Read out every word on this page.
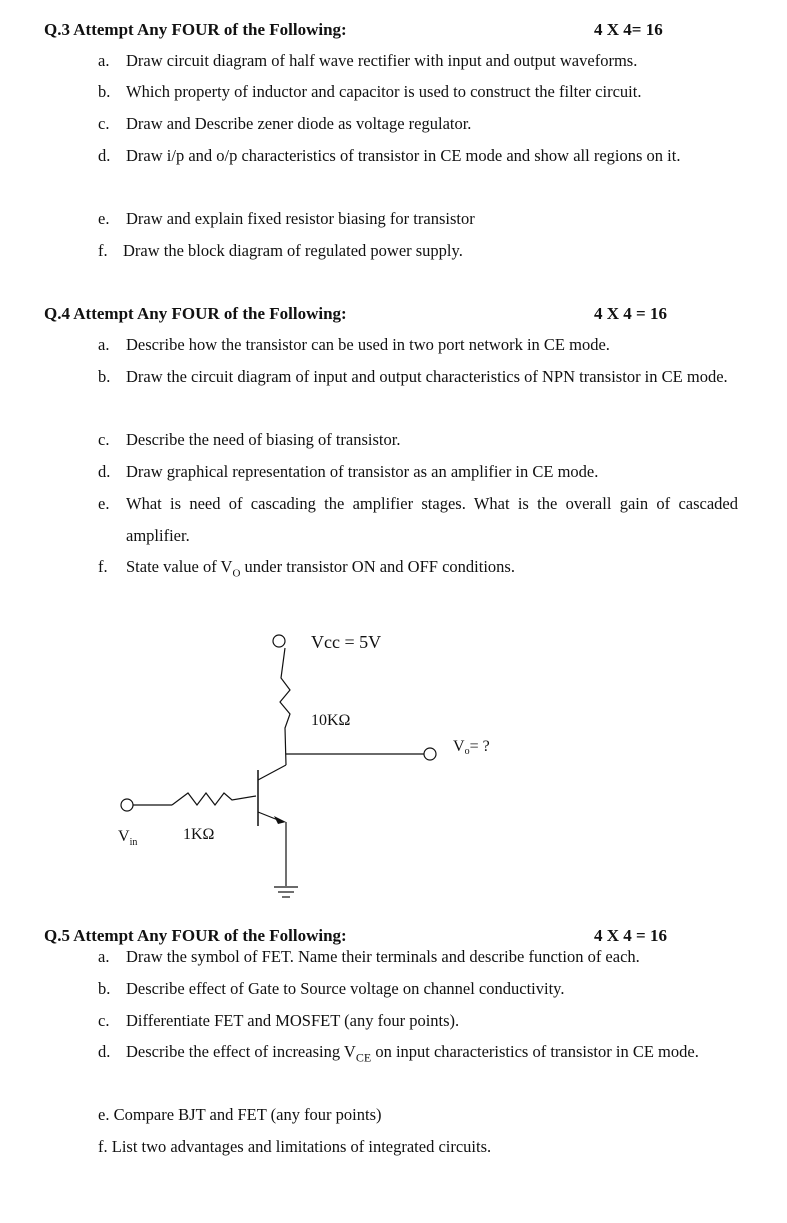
Q.3 Attempt Any FOUR of the Following:	4 X 4= 16
a. Draw circuit diagram of half wave rectifier with input and output waveforms.
b. Which property of inductor and capacitor is used to construct the filter circuit.
c. Draw and Describe zener diode as voltage regulator.
d. Draw i/p and o/p characteristics of transistor in CE mode and show all regions on it.
e. Draw and explain fixed resistor biasing for transistor
f. Draw the block diagram of regulated power supply.
Q.4 Attempt Any FOUR of the Following:	4 X 4 = 16
a. Describe how the transistor can be used in two port network in CE mode.
b. Draw the circuit diagram of input and output characteristics of NPN transistor in CE mode.
c. Describe the need of biasing of transistor.
d. Draw graphical representation of transistor as an amplifier in CE mode.
e. What is need of cascading the amplifier stages. What is the overall gain of cascaded amplifier.
f. State value of $V_O$ under transistor ON and OFF conditions.
Vcc = 5V
10KΩ
Vo= ?
$V_{in}$	1KΩ
Q.5 Attempt Any FOUR of the Following:	4 X 4 = 16
a. Draw the symbol of FET. Name their terminals and describe function of each.
b. Describe effect of Gate to Source voltage on channel conductivity.
c. Differentiate FET and MOSFET (any four points).
d. Describe the effect of increasing $V_{CE}$ on input characteristics of transistor in CE mode.
e. Compare BJT and FET (any four points)
f. List two advantages and limitations of integrated circuits.
